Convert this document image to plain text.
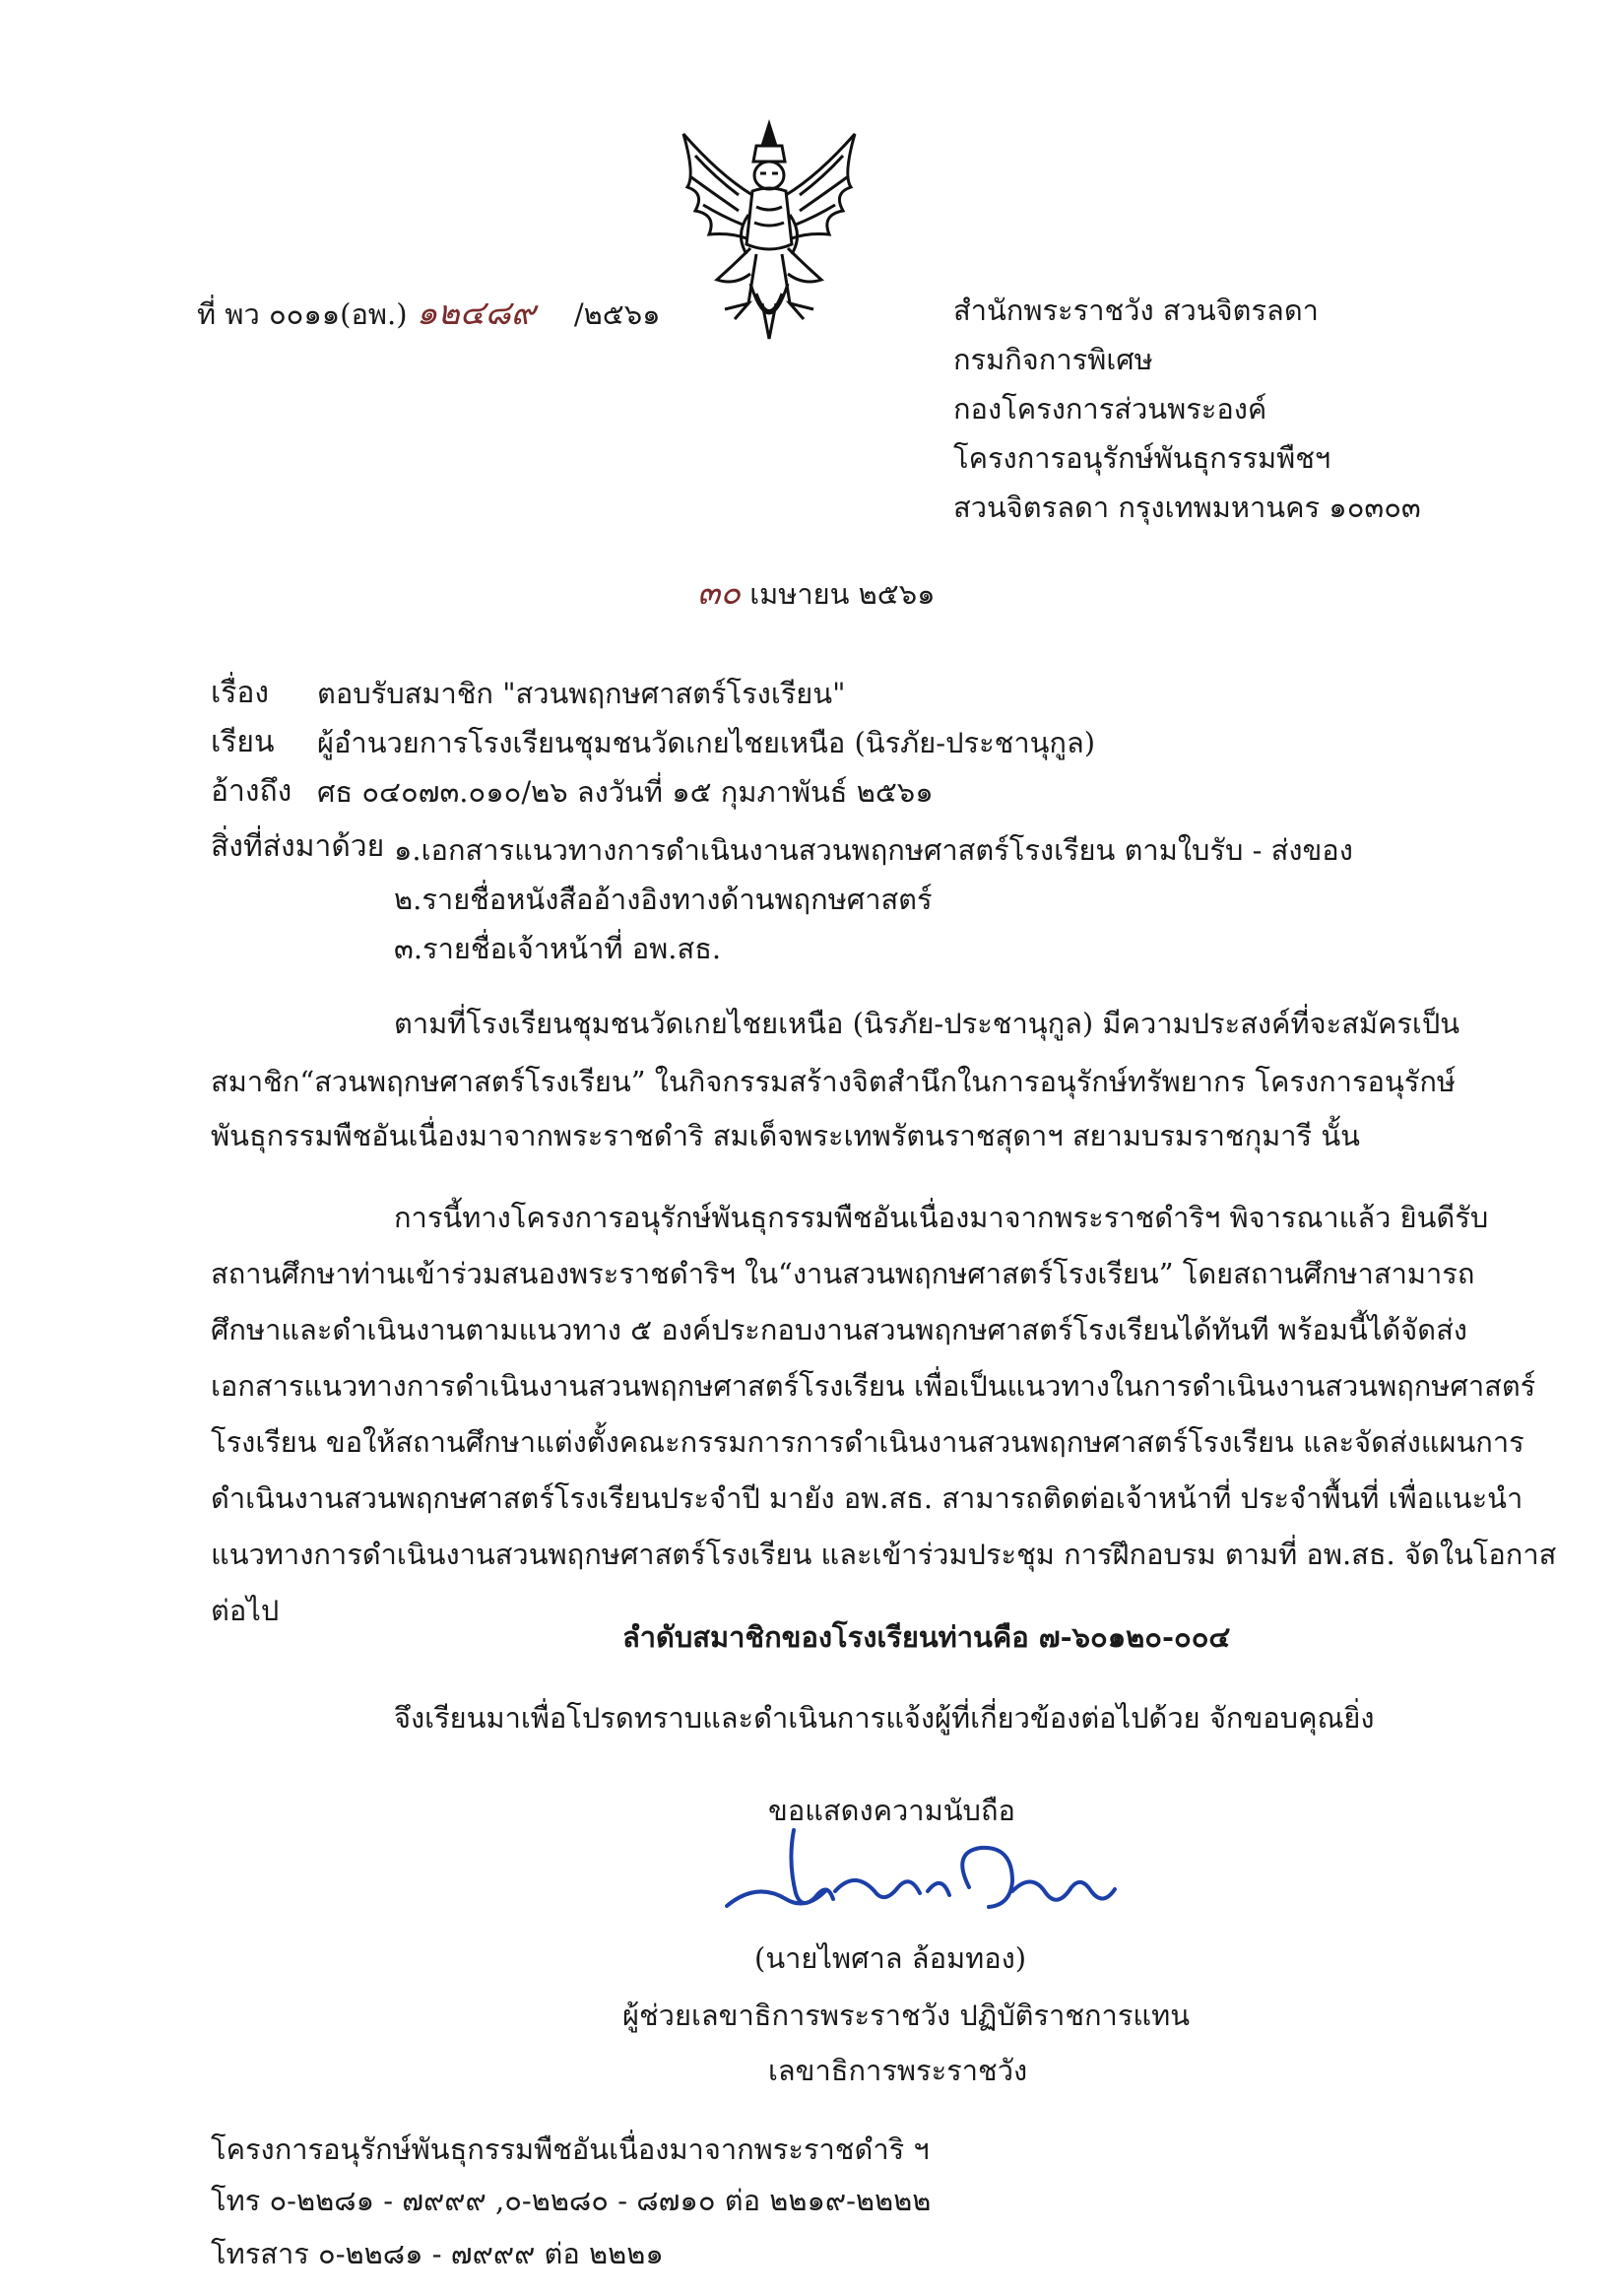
ที่ พว ๐๐๑๑(อพ.) ๑๒๔๘๙ /๒๕๖๑	สำนักพระราชวัง สวนจิตรลดา
กรมกิจการพิเศษ
กองโครงการส่วนพระองค์
โครงการอนุรักษ์พันธุกรรมพืชฯ
สวนจิตรลดา กรุงเทพมหานคร ๑๐๓๐๓
๓๐ เมษายน ๒๕๖๑
เรื่อง ตอบรับสมาชิก "สวนพฤกษศาสตร์โรงเรียน"
เรียน ผู้อำนวยการโรงเรียนชุมชนวัดเกยไชยเหนือ (นิรภัย-ประชานุกูล)
อ้างถึง ศธ ๐๔๐๗๓.๐๑๐/๒๖ ลงวันที่ ๑๕ กุมภาพันธ์ ๒๕๖๑
สิ่งที่ส่งมาด้วย ๑.เอกสารแนวทางการดำเนินงานสวนพฤกษศาสตร์โรงเรียน ตามใบรับ - ส่งของ
๒.รายชื่อหนังสืออ้างอิงทางด้านพฤกษศาสตร์
๓.รายชื่อเจ้าหน้าที่ อพ.สธ.
ตามที่โรงเรียนชุมชนวัดเกยไชยเหนือ (นิรภัย-ประชานุกูล) มีความประสงค์ที่จะสมัครเป็น
สมาชิก“สวนพฤกษศาสตร์โรงเรียน” ในกิจกรรมสร้างจิตสำนึกในการอนุรักษ์ทรัพยากร โครงการอนุรักษ์
พันธุกรรมพืชอันเนื่องมาจากพระราชดำริ สมเด็จพระเทพรัตนราชสุดาฯ สยามบรมราชกุมารี นั้น
การนี้ทางโครงการอนุรักษ์พันธุกรรมพืชอันเนื่องมาจากพระราชดำริฯ พิจารณาแล้ว ยินดีรับ
สถานศึกษาท่านเข้าร่วมสนองพระราชดำริฯ ใน“งานสวนพฤกษศาสตร์โรงเรียน” โดยสถานศึกษาสามารถ
ศึกษาและดำเนินงานตามแนวทาง ๕ องค์ประกอบงานสวนพฤกษศาสตร์โรงเรียนได้ทันที พร้อมนี้ได้จัดส่ง
เอกสารแนวทางการดำเนินงานสวนพฤกษศาสตร์โรงเรียน เพื่อเป็นแนวทางในการดำเนินงานสวนพฤกษศาสตร์
โรงเรียน ขอให้สถานศึกษาแต่งตั้งคณะกรรมการการดำเนินงานสวนพฤกษศาสตร์โรงเรียน และจัดส่งแผนการ
ดำเนินงานสวนพฤกษศาสตร์โรงเรียนประจำปี มายัง อพ.สธ. สามารถติดต่อเจ้าหน้าที่ ประจำพื้นที่ เพื่อแนะนำ
แนวทางการดำเนินงานสวนพฤกษศาสตร์โรงเรียน และเข้าร่วมประชุม การฝึกอบรม ตามที่ อพ.สธ. จัดในโอกาส
ต่อไป
ลำดับสมาชิกของโรงเรียนท่านคือ ๗-๖๐๑๒๐-๐๐๔
จึงเรียนมาเพื่อโปรดทราบและดำเนินการแจ้งผู้ที่เกี่ยวข้องต่อไปด้วย จักขอบคุณยิ่ง
ขอแสดงความนับถือ
(นายไพศาล ล้อมทอง)
ผู้ช่วยเลขาธิการพระราชวัง ปฏิบัติราชการแทน
เลขาธิการพระราชวัง
โครงการอนุรักษ์พันธุกรรมพืชอันเนื่องมาจากพระราชดำริ ฯ
โทร ๐-๒๒๘๑ - ๗๙๙๙ ,๐-๒๒๘๐ - ๘๗๑๐ ต่อ ๒๒๑๙-๒๒๒๒
โทรสาร ๐-๒๒๘๑ - ๗๙๙๙ ต่อ ๒๒๒๑
